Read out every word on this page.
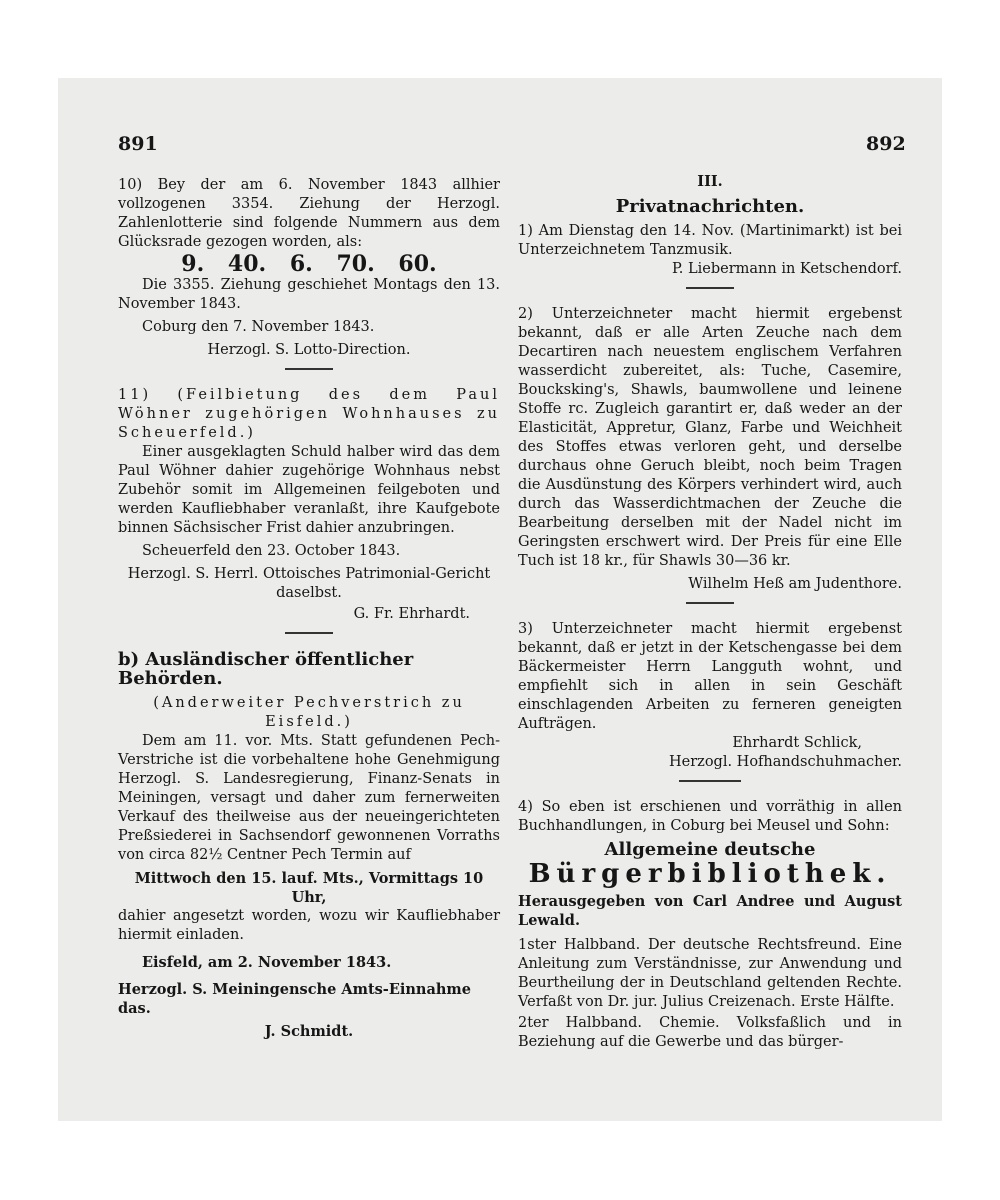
891	892

10) Bey der am 6. November 1843 allhier vollzogenen 3354. Ziehung der Herzogl. Zahlenlotterie sind folgende Nummern aus dem Glücksrade gezogen worden, als:

9. 40. 6. 70. 60.

Die 3355. Ziehung geschiehet Montags den 13. November 1843.

Coburg den 7. November 1843.

Herzogl. S. Lotto-Direction.

11) (Feilbietung des dem Paul Wöhner zugehörigen Wohnhauses zu Scheuerfeld.)

Einer ausgeklagten Schuld halber wird das dem Paul Wöhner dahier zugehörige Wohnhaus nebst Zubehör somit im Allgemeinen feilgeboten und werden Kaufliebhaber veranlaßt, ihre Kaufgebote binnen Sächsischer Frist dahier anzubringen.

Scheuerfeld den 23. October 1843.

Herzogl. S. Herrl. Ottoisches Patrimonial-Gericht daselbst.

G. Fr. Ehrhardt.

b) Ausländischer öffentlicher Behörden.

(Anderweiter Pechverstrich zu Eisfeld.)

Dem am 11. vor. Mts. Statt gefundenen Pech-Verstriche ist die vorbehaltene hohe Genehmigung Herzogl. S. Landesregierung, Finanz-Senats in Meiningen, versagt und daher zum fernerweiten Verkauf des theilweise aus der neueingerichteten Preßsiederei in Sachsendorf gewonnenen Vorraths von circa 82½ Centner Pech Termin auf

Mittwoch den 15. lauf. Mts., Vormittags 10 Uhr,

dahier angesetzt worden, wozu wir Kaufliebhaber hiermit einladen.

Eisfeld, am 2. November 1843.

Herzogl. S. Meiningensche Amts-Einnahme das.

J. Schmidt.

III.

Privatnachrichten.

1) Am Dienstag den 14. Nov. (Martinimarkt) ist bei Unterzeichnetem Tanzmusik.

P. Liebermann in Ketschendorf.

2) Unterzeichneter macht hiermit ergebenst bekannt, daß er alle Arten Zeuche nach dem Decartiren nach neuestem englischem Verfahren wasserdicht zubereitet, als: Tuche, Casemire, Boucksking's, Shawls, baumwollene und leinene Stoffe rc. Zugleich garantirt er, daß weder an der Elasticität, Appretur, Glanz, Farbe und Weichheit des Stoffes etwas verloren geht, und derselbe durchaus ohne Geruch bleibt, noch beim Tragen die Ausdünstung des Körpers verhindert wird, auch durch das Wasserdichtmachen der Zeuche die Bearbeitung derselben mit der Nadel nicht im Geringsten erschwert wird. Der Preis für eine Elle Tuch ist 18 kr., für Shawls 30—36 kr.

Wilhelm Heß am Judenthore.

3) Unterzeichneter macht hiermit ergebenst bekannt, daß er jetzt in der Ketschengasse bei dem Bäckermeister Herrn Langguth wohnt, und empfiehlt sich in allen in sein Geschäft einschlagenden Arbeiten zu ferneren geneigten Aufträgen.

Ehrhardt Schlick,

Herzogl. Hofhandschuhmacher.

4) So eben ist erschienen und vorräthig in allen Buchhandlungen, in Coburg bei Meusel und Sohn:

Allgemeine deutsche

Bürgerbibliothek.

Herausgegeben von Carl Andree und August Lewald.

1ster Halbband. Der deutsche Rechtsfreund. Eine Anleitung zum Verständnisse, zur Anwendung und Beurtheilung der in Deutschland geltenden Rechte. Verfaßt von Dr. jur. Julius Creizenach. Erste Hälfte.

2ter Halbband. Chemie. Volksfaßlich und in Beziehung auf die Gewerbe und das bürger-
